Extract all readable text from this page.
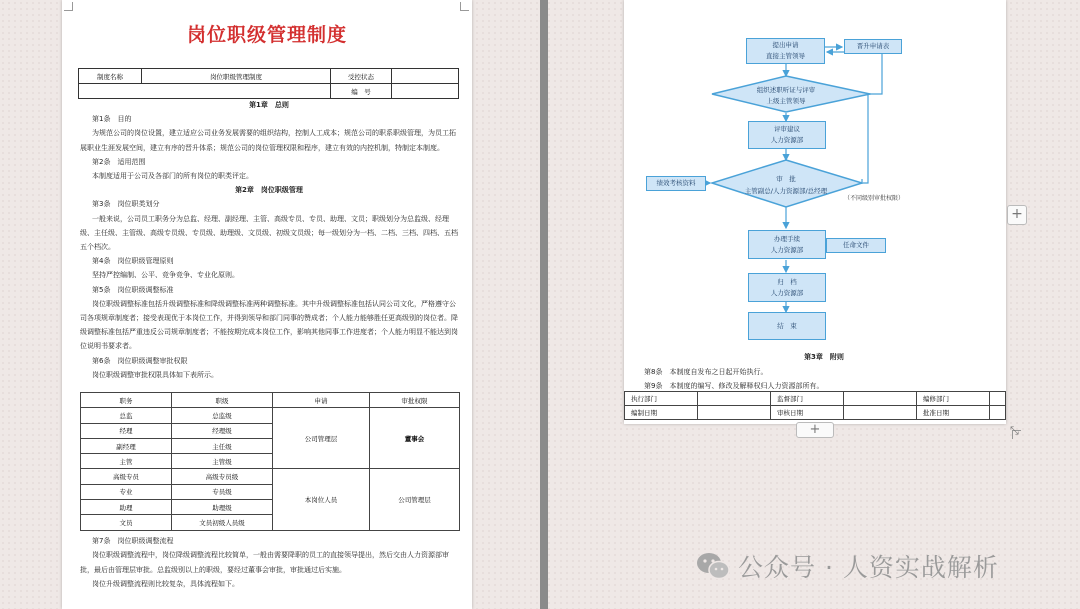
岗位职级管理制度
制度名称	岗位职级管理制度	受控状态	
		编　号	

第1章　总则

第1条　目的

为规范公司的岗位设置，建立适应公司业务发展需要的组织结构，控制人工成本；规范公司的职系职级管理，为员工拓展职业生涯发展空间，建立有序的晋升体系；规范公司的岗位管理权限和程序，建立有效的内控机制，特制定本制度。

第2条　适用范围

本制度适用于公司及各部门的所有岗位的职类评定。

第2章　岗位职级管理

第3条　岗位职类划分

一般来说，公司员工职务分为总监、经理、副经理、主管、高级专员、专员、助理、文员；职级划分为总监级、经理级、主任级、主管级、高级专员级、专员级、助理级、文员级、初级文员级；每一级划分为一档、二档、三档、四档、五档五个档次。

第4条　岗位职级管理原则

坚持严控编制、公平、竞争竞争、专业化原则。

第5条　岗位职级调整标准

岗位职级调整标准包括升级调整标准和降级调整标准两种调整标准。其中升级调整标准包括认同公司文化，严格遵守公司各项规章制度者；接受表现优于本岗位工作，并得到领导和部门同事的赞成者；个人能力能够胜任更高级别的岗位者。降级调整标准包括严重违反公司规章制度者；不能按期完成本岗位工作，影响其他同事工作进度者；个人能力明显不能达到岗位说明书要求者。

第6条　岗位职级调整审批权限

岗位职级调整审批权限具体如下表所示。

职务	职级	申请	审批权限
总监	总监级	公司管理层	董事会
经理	经理级		
副经理	主任级		
主管	主管级		
高级专员	高级专员级	本岗位人员	公司管理层
专业	专员级		
助理	助理级		
文员	文员初级人员级		

第7条　岗位职级调整流程

岗位职级调整流程中，岗位降级调整流程比较简单，一般由需要降职的员工的直接领导提出，然后交由人力资源部审批，最后由管理层审批。总监级别以上的职级，要经过董事会审批，审批通过后实施。

岗位升级调整流程则比较复杂，具体流程如下。

组织述职听证与评审
上级主管领导
审　批
主管副总/人力资源部/总经理
（不同级别审批权限）
提出申请
直接主管领导
晋升申请表
评审建议
人力资源部
绩效考核资料
办理手续
人力资源部
任命文件
归　档
人力资源部
结　束

第3章　附则

第8条　本制度自发布之日起开始执行。

第9条　本制度的编写、修改及解释权归人力资源部所有。

执行部门		监督部门		编修部门	
编制日期		审核日期		批准日期	
+
+	⤡
公众号 · 人资实战解析
